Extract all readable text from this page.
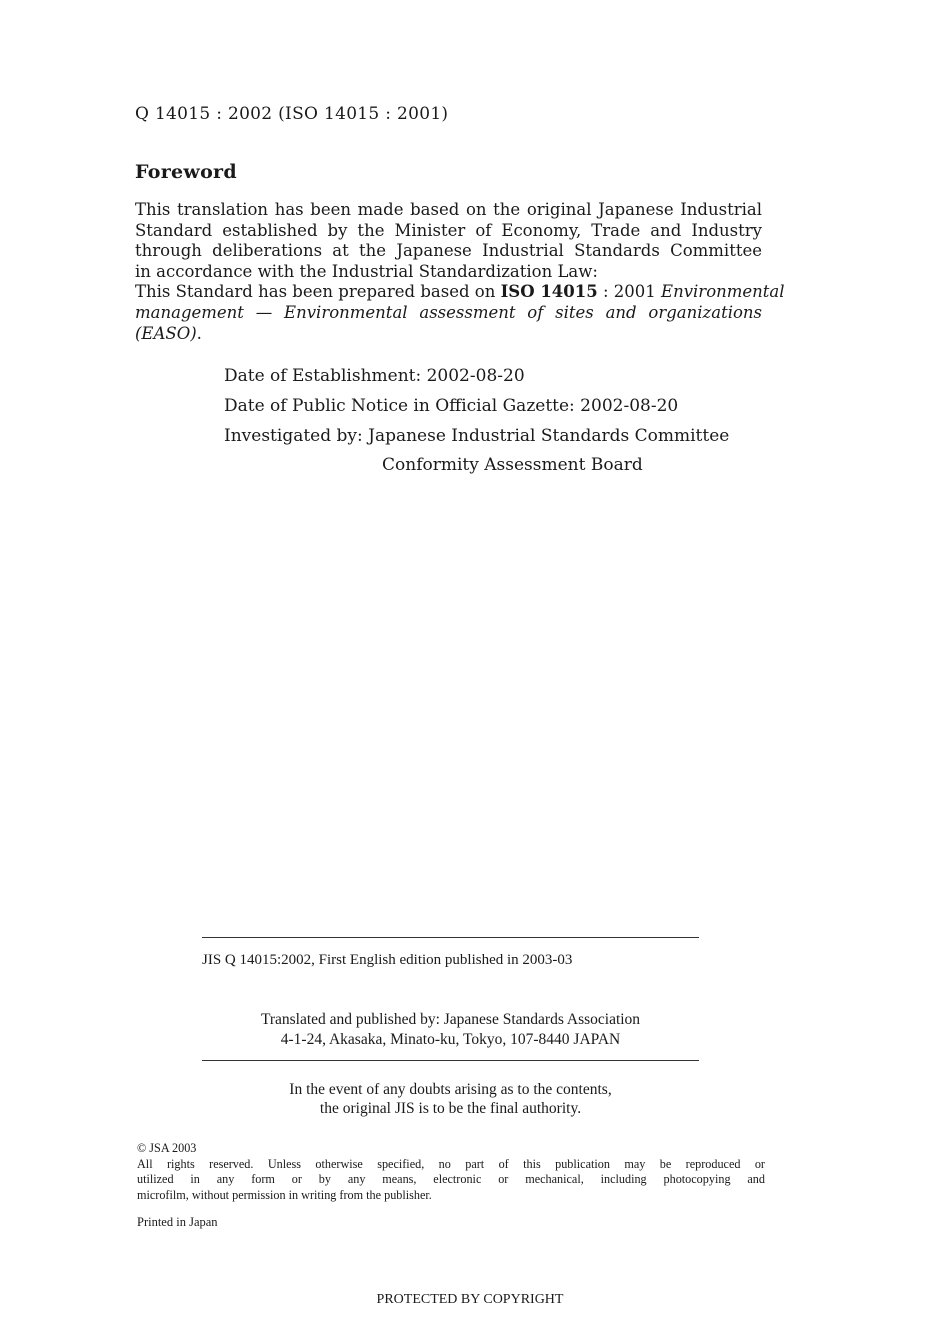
Q 14015 : 2002 (ISO 14015 : 2001)
Foreword
This translation has been made based on the original Japanese Industrial
Standard established by the Minister of Economy, Trade and Industry
through deliberations at the Japanese Industrial Standards Committee
in accordance with the Industrial Standardization Law:
This Standard has been prepared based on ISO 14015 : 2001 Environmental
management — Environmental assessment of sites and organizations
(EASO).
Date of Establishment: 2002-08-20
Date of Public Notice in Official Gazette: 2002-08-20
Investigated by: Japanese Industrial Standards Committee
Conformity Assessment Board
JIS Q 14015:2002, First English edition published in 2003-03
Translated and published by: Japanese Standards Association
4-1-24, Akasaka, Minato-ku, Tokyo, 107-8440 JAPAN
In the event of any doubts arising as to the contents,
the original JIS is to be the final authority.
© JSA 2003
All rights reserved. Unless otherwise specified, no part of this publication may be reproduced or
utilized in any form or by any means, electronic or mechanical, including photocopying and
microfilm, without permission in writing from the publisher.
Printed in Japan
PROTECTED BY COPYRIGHT
